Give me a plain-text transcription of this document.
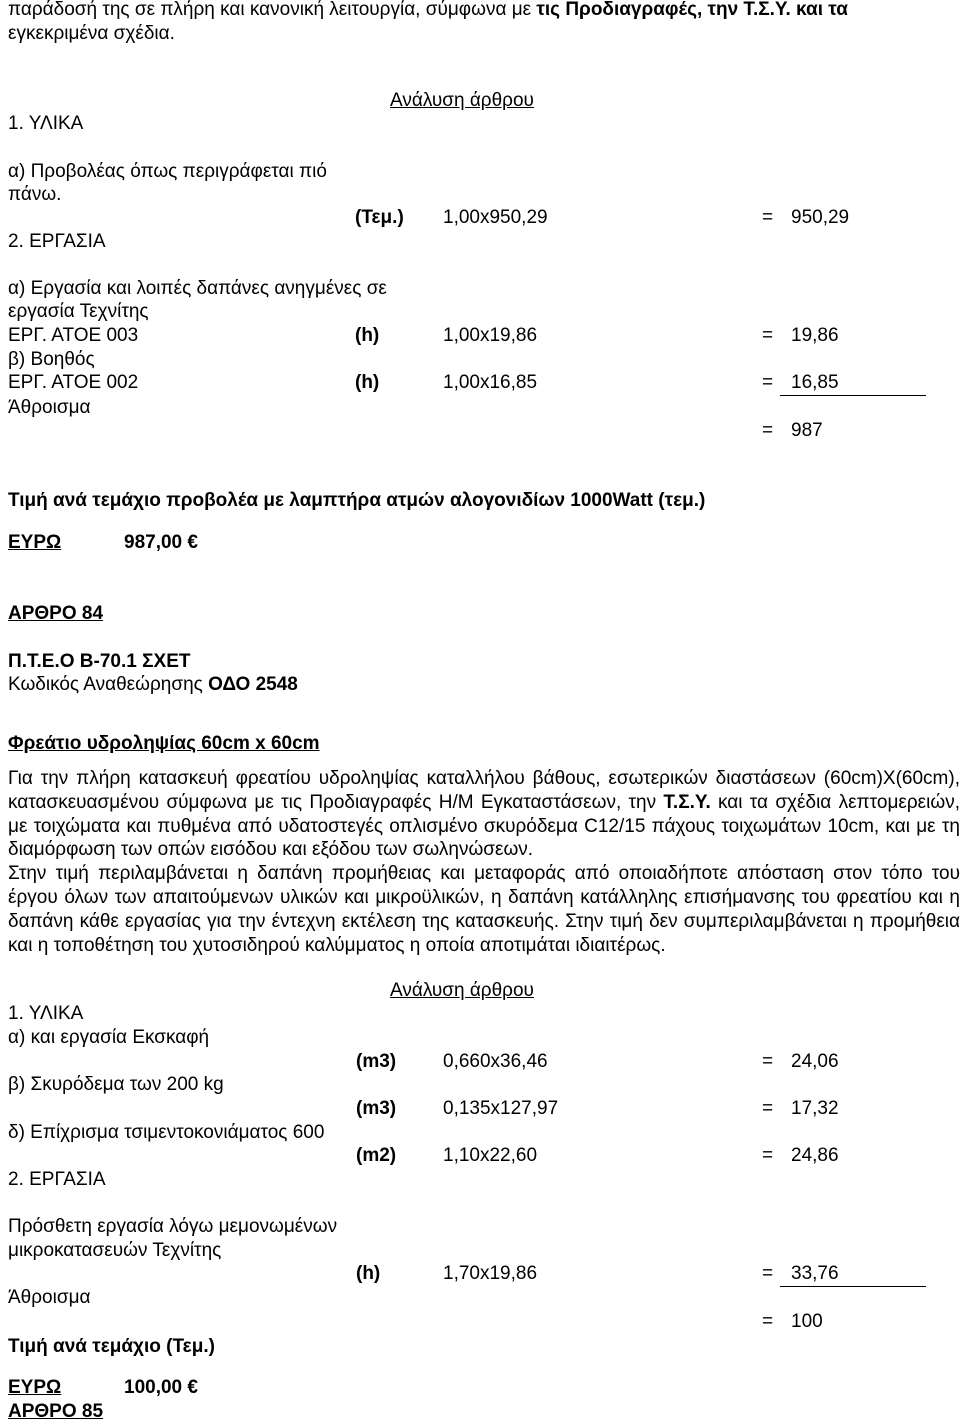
παράδοσή της σε πλήρη και κανονική λειτουργία, σύμφωνα με τις Προδιαγραφές, την Τ.Σ.Υ. και τα
εγκεκριμένα σχέδια.
Ανάλυση άρθρου
1. ΥΛΙΚΑ
α) Προβολέας όπως περιγράφεται πιό
πάνω.
(Τεμ.) 1,00x950,29	= 950,29
2. ΕΡΓΑΣΙΑ
α) Εργασία και λοιπές δαπάνες ανηγμένες σε
εργασία Τεχνίτης
ΕΡΓ. ΑΤΟΕ 003	(h)	1,00x19,86	= 19,86
β) Βοηθός
ΕΡΓ. ΑΤΟΕ 002	(h)	1,00x16,85	= 16,85
Άθροισμα
= 987
Τιμή ανά τεμάχιο προβολέα με λαμπτήρα ατμών αλογονιδίων 1000Watt (τεμ.)
ΕΥΡΩ	987,00 €
ΑΡΘΡΟ 84
Π.Τ.Ε.Ο Β-70.1 ΣΧΕΤ
Κωδικός Αναθεώρησης ΟΔΟ 2548
Φρεάτιο υδροληψίας 60cm x 60cm
Για την πλήρη κατασκευή φρεατίου υδροληψίας καταλλήλου βάθους, εσωτερικών διαστάσεων (60cm)Χ(60cm), κατασκευασμένου σύμφωνα με τις Προδιαγραφές Η/Μ Εγκαταστάσεων, την Τ.Σ.Υ. και τα σχέδια λεπτομερειών, με τοιχώματα και πυθμένα από υδατοστεγές οπλισμένο σκυρόδεμα C12/15 πάχους τοιχωμάτων 10cm, και με τη διαμόρφωση των οπών εισόδου και εξόδου των σωληνώσεων.
Στην τιμή περιλαμβάνεται η δαπάνη προμήθειας και μεταφοράς από οποιαδήποτε απόσταση στον τόπο του έργου όλων των απαιτούμενων υλικών και μικροϋλικών, η δαπάνη κατάλληλης επισήμανσης του φρεατίου και η δαπάνη κάθε εργασίας για την έντεχνη εκτέλεση της κατασκευής. Στην τιμή δεν συμπεριλαμβάνεται η προμήθεια και η τοποθέτηση του χυτοσιδηρού καλύμματος η οποία αποτιμάται ιδιαιτέρως.
Ανάλυση άρθρου
1. ΥΛΙΚΑ
α) και εργασία Εκσκαφή
(m3) 0,660x36,46	= 24,06
β) Σκυρόδεμα των 200 kg
(m3) 0,135x127,97	= 17,32
δ) Επίχρισμα τσιμεντοκονιάματος 600
(m2) 1,10x22,60	= 24,86
2. ΕΡΓΑΣΙΑ
Πρόσθετη εργασία λόγω μεμονωμένων
μικροκατασευών Τεχνίτης
(h)	1,70x19,86	= 33,76
Άθροισμα
= 100
Τιμή ανά τεμάχιο (Τεμ.)
ΕΥΡΩ	100,00 €
ΑΡΘΡΟ 85
